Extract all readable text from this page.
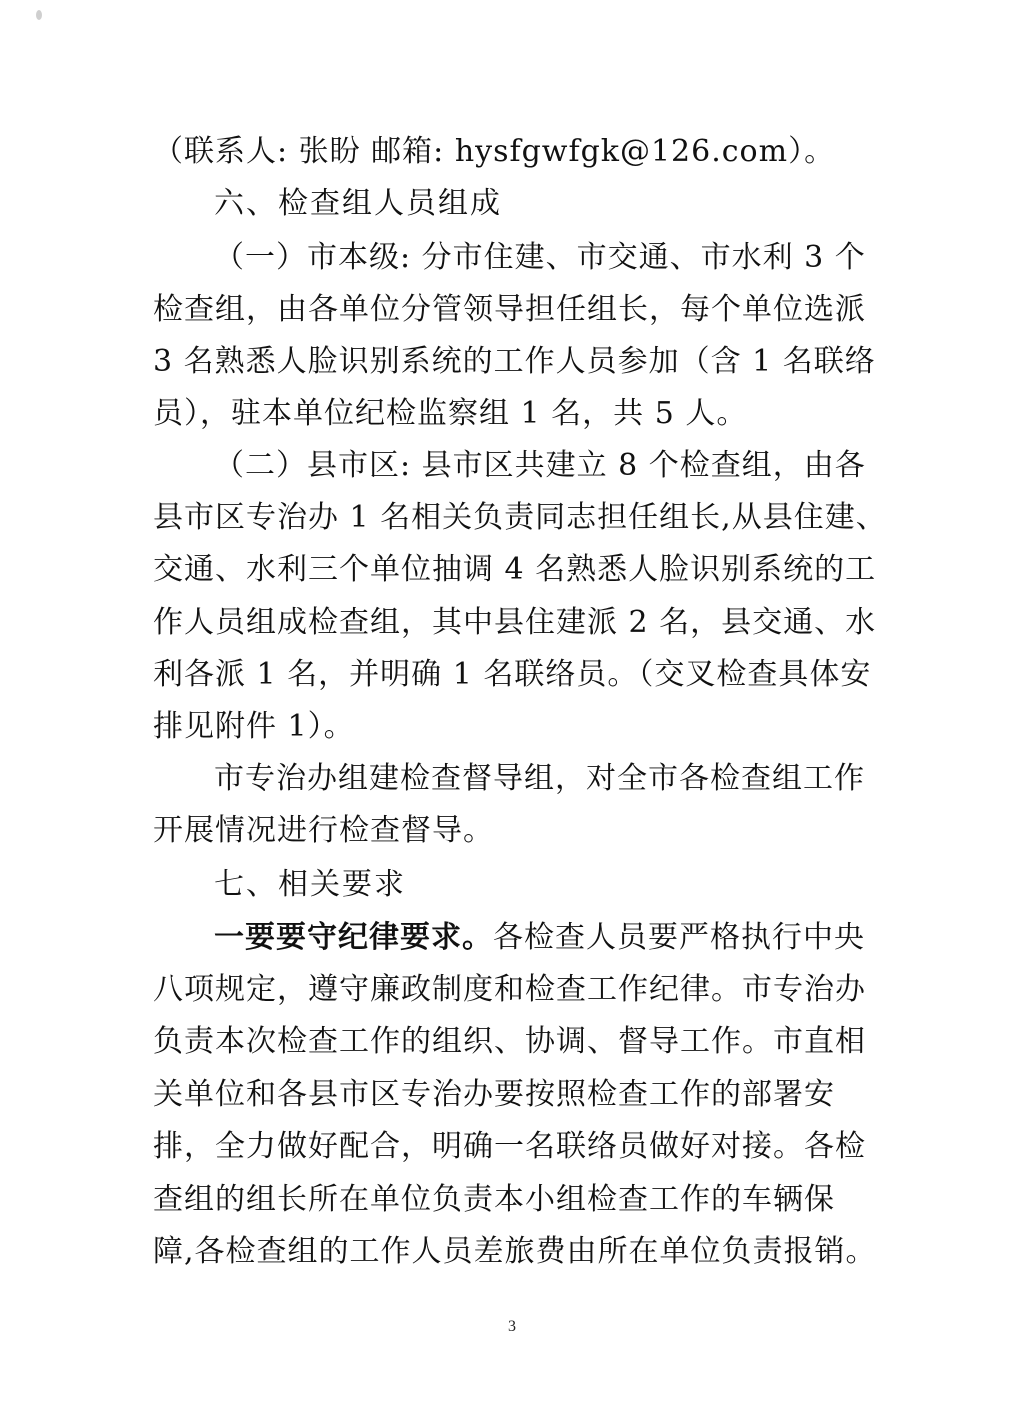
（联系人: 张盼 邮箱: hysfgwfgk@126.com）。
六、检查组人员组成
（一）市本级: 分市住建、市交通、市水利 3 个
检查组，由各单位分管领导担任组长，每个单位选派
3 名熟悉人脸识别系统的工作人员参加（含 1 名联络
员），驻本单位纪检监察组 1 名，共 5 人。
（二）县市区: 县市区共建立 8 个检查组，由各
县市区专治办 1 名相关负责同志担任组长,从县住建、
交通、水利三个单位抽调 4 名熟悉人脸识别系统的工
作人员组成检查组，其中县住建派 2 名，县交通、水
利各派 1 名，并明确 1 名联络员。（交叉检查具体安
排见附件 1）。
市专治办组建检查督导组，对全市各检查组工作
开展情况进行检查督导。
七、相关要求
一要要守纪律要求。各检查人员要严格执行中央
八项规定，遵守廉政制度和检查工作纪律。市专治办
负责本次检查工作的组织、协调、督导工作。市直相
关单位和各县市区专治办要按照检查工作的部署安
排，全力做好配合，明确一名联络员做好对接。各检
查组的组长所在单位负责本小组检查工作的车辆保
障,各检查组的工作人员差旅费由所在单位负责报销。
3
